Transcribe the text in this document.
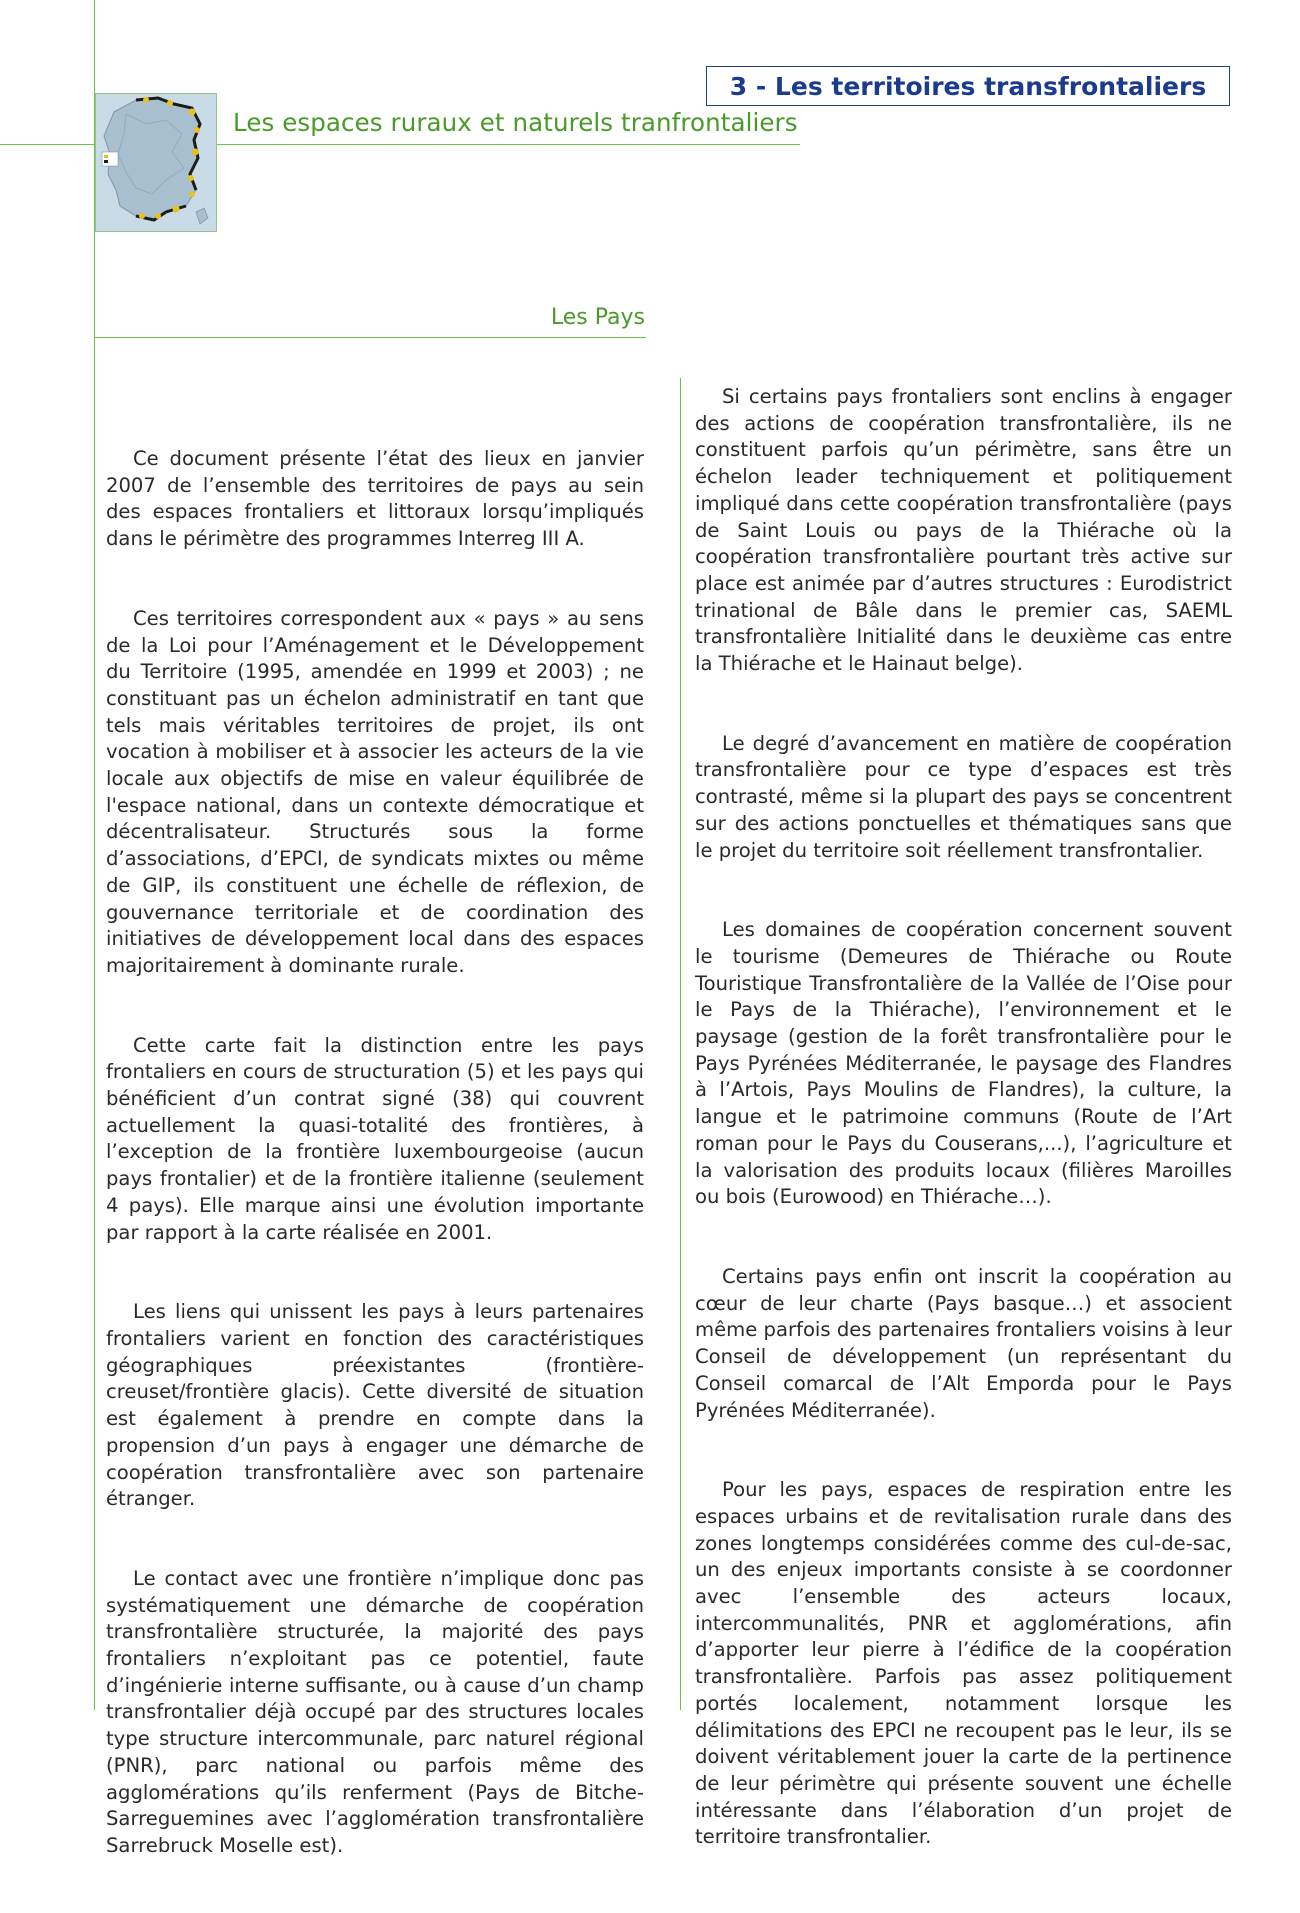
3 - Les territoires transfrontaliers
Les espaces ruraux et naturels tranfrontaliers
Les Pays

Ce document présente l’état des lieux en janvier 2007 de l’ensemble des territoires de pays au sein des espaces frontaliers et littoraux lorsqu’impliqués dans le périmètre des programmes Interreg III A.

Ces territoires correspondent aux « pays » au sens de la Loi pour l’Aménagement et le Développement du Territoire (1995, amendée en 1999 et 2003) ; ne constituant pas un échelon administratif en tant que tels mais véritables territoires de projet, ils ont vocation à mobiliser et à associer les acteurs de la vie locale aux objectifs de mise en valeur équilibrée de l'espace national, dans un contexte démocratique et décentralisateur. Structurés sous la forme d’associations, d’EPCI, de syndicats mixtes ou même de GIP, ils constituent une échelle de réflexion, de gouvernance territoriale et de coordination des initiatives de développement local dans des espaces majoritairement à dominante rurale.

Cette carte fait la distinction entre les pays frontaliers en cours de structuration (5) et les pays qui bénéficient d’un contrat signé (38) qui couvrent actuellement la quasi-totalité des frontières, à l’exception de la frontière luxembourgeoise (aucun pays frontalier) et de la frontière italienne (seulement 4 pays). Elle marque ainsi une évolution importante par rapport à la carte réalisée en 2001.

Les liens qui unissent les pays à leurs partenaires frontaliers varient en fonction des caractéristiques géographiques préexistantes (frontière-creuset/frontière glacis). Cette diversité de situation est également à prendre en compte dans la propension d’un pays à engager une démarche de coopération transfrontalière avec son partenaire étranger.

Le contact avec une frontière n’implique donc pas systématiquement une démarche de coopération transfrontalière structurée, la majorité des pays frontaliers n’exploitant pas ce potentiel, faute d’ingénierie interne suffisante, ou à cause d’un champ transfrontalier déjà occupé par des structures locales type structure intercommunale, parc naturel régional (PNR), parc national ou parfois même des agglomérations qu’ils renferment (Pays de Bitche-Sarreguemines avec l’agglomération transfrontalière Sarrebruck Moselle est).

Si certains pays frontaliers sont enclins à engager des actions de coopération transfrontalière, ils ne constituent parfois qu’un périmètre, sans être un échelon leader techniquement et politiquement impliqué dans cette coopération transfrontalière (pays de Saint Louis ou pays de la Thiérache où la coopération transfrontalière pourtant très active sur place est animée par d’autres structures : Eurodistrict trinational de Bâle dans le premier cas, SAEML transfrontalière Initialité dans le deuxième cas entre la Thiérache et le Hainaut belge).

Le degré d’avancement en matière de coopération transfrontalière pour ce type d’espaces est très contrasté, même si la plupart des pays se concentrent sur des actions ponctuelles et thématiques sans que le projet du territoire soit réellement transfrontalier.

Les domaines de coopération concernent souvent le tourisme (Demeures de Thiérache ou Route Touristique Transfrontalière de la Vallée de l’Oise pour le Pays de la Thiérache), l’environnement et le paysage (gestion de la forêt transfrontalière pour le Pays Pyrénées Méditerranée, le paysage des Flandres à l’Artois, Pays Moulins de Flandres), la culture, la langue et le patrimoine communs (Route de l’Art roman pour le Pays du Couserans,...), l’agriculture et la valorisation des produits locaux (filières Maroilles ou bois (Eurowood) en Thiérache…).

Certains pays enfin ont inscrit la coopération au cœur de leur charte (Pays basque…) et associent même parfois des partenaires frontaliers voisins à leur Conseil de développement (un représentant du Conseil comarcal de l’Alt Emporda pour le Pays Pyrénées Méditerranée).

Pour les pays, espaces de respiration entre les espaces urbains et de revitalisation rurale dans des zones longtemps considérées comme des cul-de-sac, un des enjeux importants consiste à se coordonner avec l’ensemble des acteurs locaux, intercommunalités, PNR et agglomérations, afin d’apporter leur pierre à l’édifice de la coopération transfrontalière. Parfois pas assez politiquement portés localement, notamment lorsque les délimitations des EPCI ne recoupent pas le leur, ils se doivent véritablement jouer la carte de la pertinence de leur périmètre qui présente souvent une échelle intéressante dans l’élaboration d’un projet de territoire transfrontalier.
